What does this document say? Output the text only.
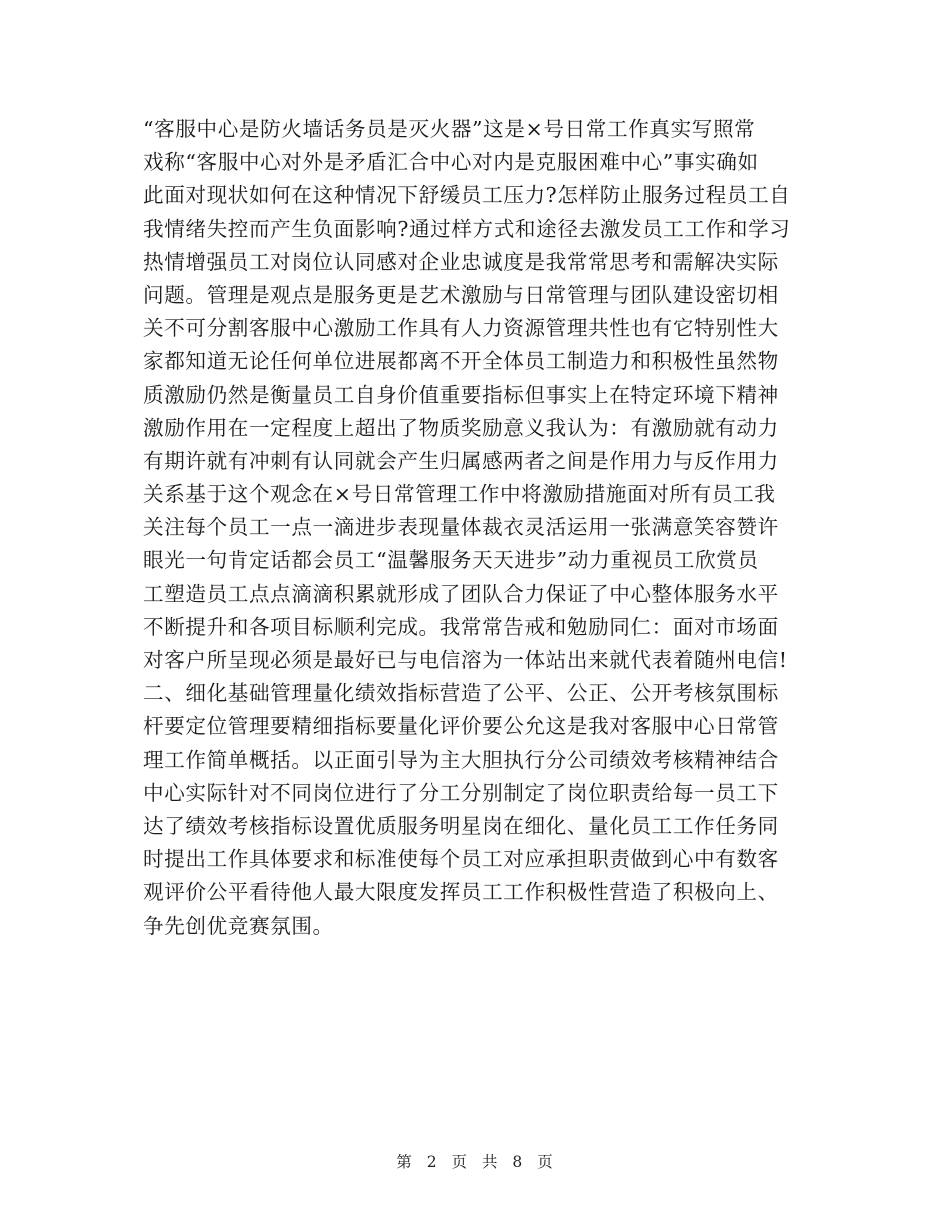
“客服中心是防火墙话务员是灭火器”这是×号日常工作真实写照常
戏称“客服中心对外是矛盾汇合中心对内是克服困难中心”事实确如
此面对现状如何在这种情况下舒缓员工压力?怎样防止服务过程员工自
我情绪失控而产生负面影响?通过样方式和途径去激发员工工作和学习
热情增强员工对岗位认同感对企业忠诚度是我常常思考和需解决实际
问题。管理是观点是服务更是艺术激励与日常管理与团队建设密切相
关不可分割客服中心激励工作具有人力资源管理共性也有它特别性大
家都知道无论任何单位进展都离不开全体员工制造力和积极性虽然物
质激励仍然是衡量员工自身价值重要指标但事实上在特定环境下精神
激励作用在一定程度上超出了物质奖励意义我认为：有激励就有动力
有期许就有冲刺有认同就会产生归属感两者之间是作用力与反作用力
关系基于这个观念在×号日常管理工作中将激励措施面对所有员工我
关注每个员工一点一滴进步表现量体裁衣灵活运用一张满意笑容赞许
眼光一句肯定话都会员工“温馨服务天天进步”动力重视员工欣赏员
工塑造员工点点滴滴积累就形成了团队合力保证了中心整体服务水平
不断提升和各项目标顺利完成。我常常告戒和勉励同仁：面对市场面
对客户所呈现必须是最好已与电信溶为一体站出来就代表着随州电信!
二、细化基础管理量化绩效指标营造了公平、公正、公开考核氛围标
杆要定位管理要精细指标要量化评价要公允这是我对客服中心日常管
理工作简单概括。以正面引导为主大胆执行分公司绩效考核精神结合
中心实际针对不同岗位进行了分工分别制定了岗位职责给每一员工下
达了绩效考核指标设置优质服务明星岗在细化、量化员工工作任务同
时提出工作具体要求和标准使每个员工对应承担职责做到心中有数客
观评价公平看待他人最大限度发挥员工工作积极性营造了积极向上、
争先创优竞赛氛围。
第 2 页 共 8 页
